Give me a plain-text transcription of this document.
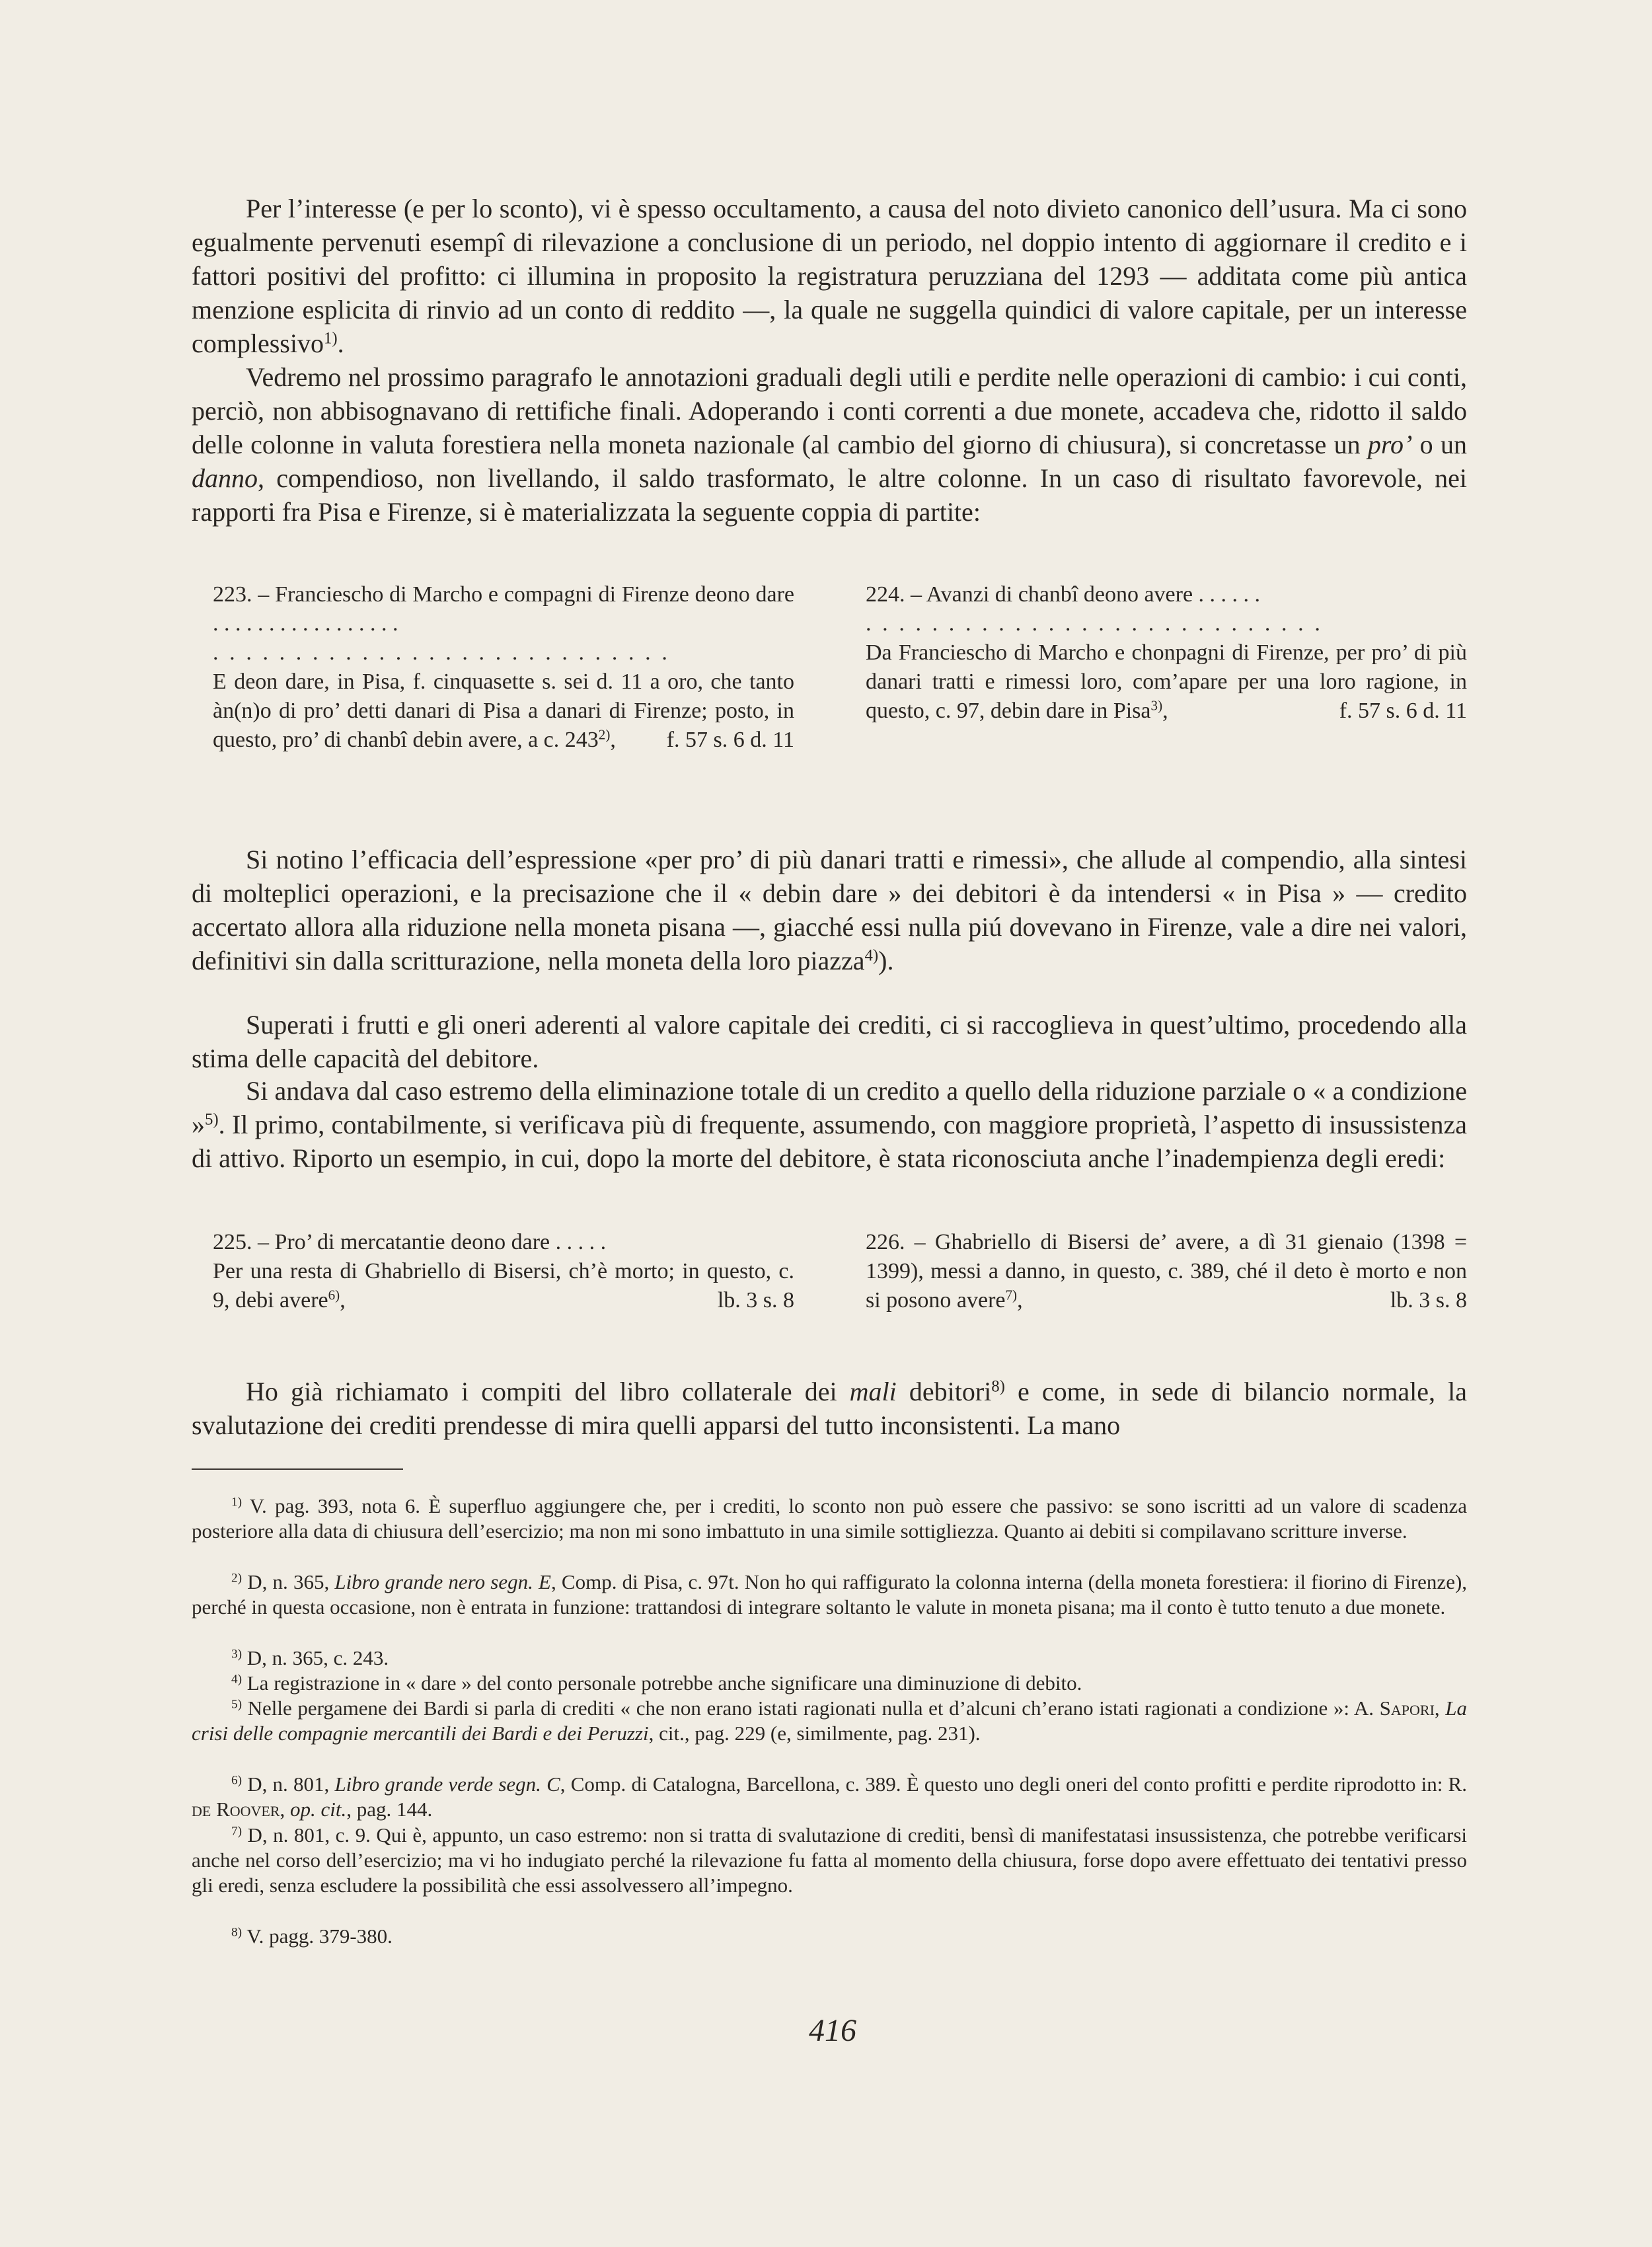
Per l’interesse (e per lo sconto), vi è spesso occultamento, a causa del noto divieto canonico dell’usura. Ma ci sono egualmente pervenuti esempî di rilevazione a conclusione di un periodo, nel doppio intento di aggiornare il credito e i fattori positivi del profitto: ci illumina in proposito la registratura peruzziana del 1293 — additata come più antica menzione esplicita di rinvio ad un conto di reddito —, la quale ne suggella quindici di valore capitale, per un interesse complessivo$^{1)}$.

Vedremo nel prossimo paragrafo le annotazioni graduali degli utili e perdite nelle operazioni di cambio: i cui conti, perciò, non abbisognavano di rettifiche finali. Adoperando i conti correnti a due monete, accadeva che, ridotto il saldo delle colonne in valuta forestiera nella moneta nazionale (al cambio del giorno di chiusura), si concretasse un pro’ o un danno, compendioso, non livellando, il saldo trasformato, le altre colonne. In un caso di risultato favorevole, nei rapporti fra Pisa e Firenze, si è materializzata la seguente coppia di partite:

223. – Franciescho di Marcho e compagni di Firenze deono dare . . . . . . . . . . . . . . . . .
. . . . . . . . . . . . . . . . . . . . . . . . . . . .
E deon dare, in Pisa, f. cinquasette s. sei d. 11 a oro, che tanto àn(n)o di pro’ detti danari di Pisa a danari di Firenze; posto, in questo, pro’ di chanbî debin avere, a c. 243$^{2)}$, f. 57 s. 6 d. 11
224. – Avanzi di chanbî deono avere . . . . . .
. . . . . . . . . . . . . . . . . . . . . . . . . . . .
Da Franciescho di Marcho e chonpagni di Firenze, per pro’ di più danari tratti e rimessi loro, com’apare per una loro ragione, in questo, c. 97, debin dare in Pisa$^{3)}$,	f. 57 s. 6 d. 11

Si notino l’efficacia dell’espressione «per pro’ di più danari tratti e rimessi», che allude al compendio, alla sintesi di molteplici operazioni, e la precisazione che il « debin dare » dei debitori è da intendersi « in Pisa » — credito accertato allora alla riduzione nella moneta pisana —, giacché essi nulla piú dovevano in Firenze, vale a dire nei valori, definitivi sin dalla scritturazione, nella moneta della loro piazza$^{4)}$).

Superati i frutti e gli oneri aderenti al valore capitale dei crediti, ci si raccoglieva in quest’ultimo, procedendo alla stima delle capacità del debitore.

Si andava dal caso estremo della eliminazione totale di un credito a quello della riduzione parziale o « a condizione »$^{5)}$. Il primo, contabilmente, si verificava più di frequente, assumendo, con maggiore proprietà, l’aspetto di insussistenza di attivo. Riporto un esempio, in cui, dopo la morte del debitore, è stata riconosciuta anche l’inadempienza degli eredi:

225. – Pro’ di mercatantie deono dare . . . . .
Per una resta di Ghabriello di Bisersi, ch’è morto; in questo, c. 9, debi avere$^{6)}$,	lb. 3 s. 8
226. – Ghabriello di Bisersi de’ avere, a dì 31 gienaio (1398 = 1399), messi a danno, in questo, c. 389, ché il deto è morto e non si posono avere$^{7)}$,	lb. 3 s. 8

Ho già richiamato i compiti del libro collaterale dei mali debitori$^{8)}$ e come, in sede di bilancio normale, la svalutazione dei crediti prendesse di mira quelli apparsi del tutto inconsistenti. La mano

$^{1)}$ V. pag. 393, nota 6. È superfluo aggiungere che, per i crediti, lo sconto non può essere che passivo: se sono iscritti ad un valore di scadenza posteriore alla data di chiusura dell’esercizio; ma non mi sono imbattuto in una simile sottigliezza. Quanto ai debiti si compilavano scritture inverse.

$^{2)}$ D, n. 365, Libro grande nero segn. E, Comp. di Pisa, c. 97t. Non ho qui raffigurato la colonna interna (della moneta forestiera: il fiorino di Firenze), perché in questa occasione, non è entrata in funzione: trattandosi di integrare soltanto le valute in moneta pisana; ma il conto è tutto tenuto a due monete.

$^{3)}$ D, n. 365, c. 243.

$^{4)}$ La registrazione in « dare » del conto personale potrebbe anche significare una diminuzione di debito.

$^{5)}$ Nelle pergamene dei Bardi si parla di crediti « che non erano istati ragionati nulla et d’alcuni ch’erano istati ragionati a condizione »: A. Sapori, La crisi delle compagnie mercantili dei Bardi e dei Peruzzi, cit., pag. 229 (e, similmente, pag. 231).

$^{6)}$ D, n. 801, Libro grande verde segn. C, Comp. di Catalogna, Barcellona, c. 389. È questo uno degli oneri del conto profitti e perdite riprodotto in: R. de Roover, op. cit., pag. 144.

$^{7)}$ D, n. 801, c. 9. Qui è, appunto, un caso estremo: non si tratta di svalutazione di crediti, bensì di manifestatasi insussistenza, che potrebbe verificarsi anche nel corso dell’esercizio; ma vi ho indugiato perché la rilevazione fu fatta al momento della chiusura, forse dopo avere effettuato dei tentativi presso gli eredi, senza escludere la possibilità che essi assolvessero all’impegno.

$^{8)}$ V. pagg. 379-380.

416
